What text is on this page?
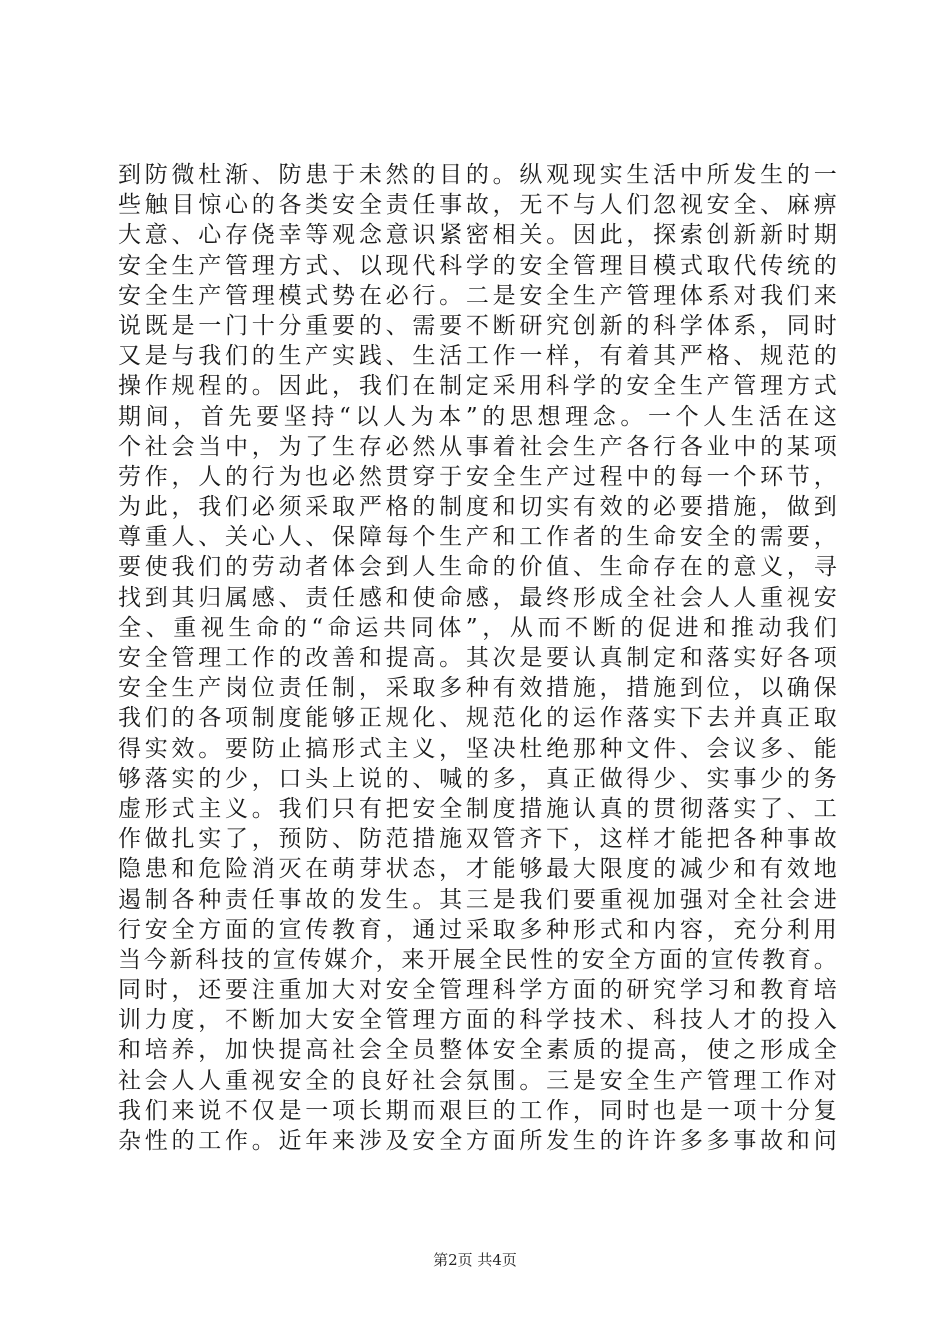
到防微杜渐、防患于未然的目的。纵观现实生活中所发生的一
些触目惊心的各类安全责任事故，无不与人们忽视安全、麻痹
大意、心存侥幸等观念意识紧密相关。因此，探索创新新时期
安全生产管理方式、以现代科学的安全管理目模式取代传统的
安全生产管理模式势在必行。二是安全生产管理体系对我们来
说既是一门十分重要的、需要不断研究创新的科学体系，同时
又是与我们的生产实践、生活工作一样，有着其严格、规范的
操作规程的。因此，我们在制定采用科学的安全生产管理方式
期间，首先要坚持“以人为本”的思想理念。一个人生活在这
个社会当中，为了生存必然从事着社会生产各行各业中的某项
劳作，人的行为也必然贯穿于安全生产过程中的每一个环节，
为此，我们必须采取严格的制度和切实有效的必要措施，做到
尊重人、关心人、保障每个生产和工作者的生命安全的需要，
要使我们的劳动者体会到人生命的价值、生命存在的意义，寻
找到其归属感、责任感和使命感，最终形成全社会人人重视安
全、重视生命的“命运共同体”，从而不断的促进和推动我们
安全管理工作的改善和提高。其次是要认真制定和落实好各项
安全生产岗位责任制，采取多种有效措施，措施到位，以确保
我们的各项制度能够正规化、规范化的运作落实下去并真正取
得实效。要防止搞形式主义，坚决杜绝那种文件、会议多、能
够落实的少，口头上说的、喊的多，真正做得少、实事少的务
虚形式主义。我们只有把安全制度措施认真的贯彻落实了、工
作做扎实了，预防、防范措施双管齐下，这样才能把各种事故
隐患和危险消灭在萌芽状态，才能够最大限度的减少和有效地
遏制各种责任事故的发生。其三是我们要重视加强对全社会进
行安全方面的宣传教育，通过采取多种形式和内容，充分利用
当今新科技的宣传媒介，来开展全民性的安全方面的宣传教育。
同时，还要注重加大对安全管理科学方面的研究学习和教育培
训力度，不断加大安全管理方面的科学技术、科技人才的投入
和培养，加快提高社会全员整体安全素质的提高，使之形成全
社会人人重视安全的良好社会氛围。三是安全生产管理工作对
我们来说不仅是一项长期而艰巨的工作，同时也是一项十分复
杂性的工作。近年来涉及安全方面所发生的许许多多事故和问
第2页 共4页
